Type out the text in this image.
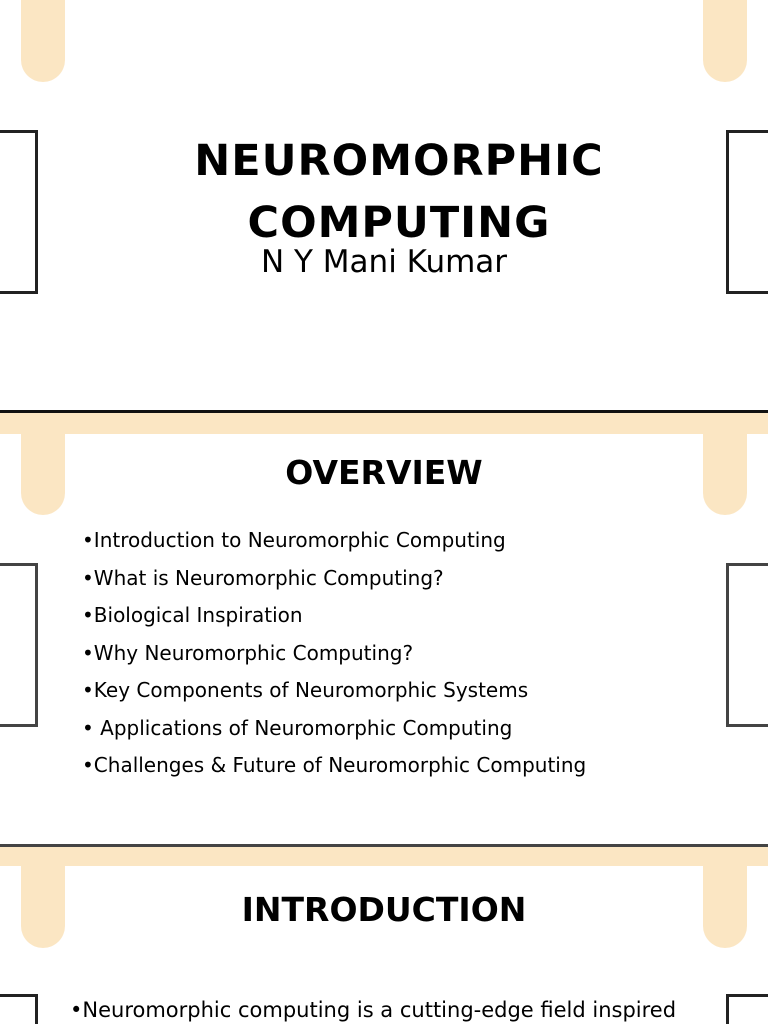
NEUROMORPHIC
COMPUTING
N Y Mani Kumar
OVERVIEW
• Introduction to Neuromorphic Computing
• What is Neuromorphic Computing?
• Biological Inspiration
• Why Neuromorphic Computing?
• Key Components of Neuromorphic Systems
•  Applications of Neuromorphic Computing
• Challenges & Future of Neuromorphic Computing
INTRODUCTION
• Neuromorphic computing is a cutting-edge field inspired
